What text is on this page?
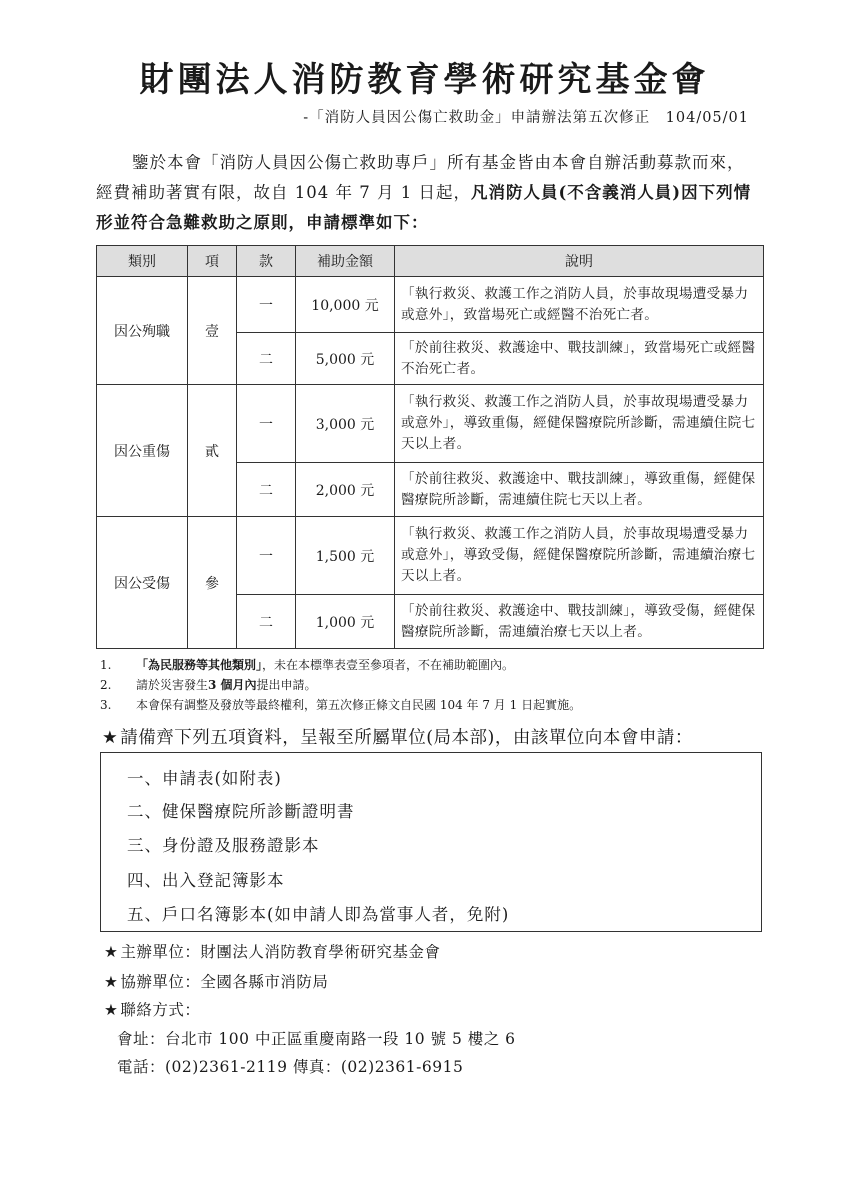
財團法人消防教育學術研究基金會
-「消防人員因公傷亡救助金」申請辦法第五次修正　104/05/01
鑒於本會「消防人員因公傷亡救助專戶」所有基金皆由本會自辦活動募款而來，經費補助著實有限，故自 104 年 7 月 1 日起，凡消防人員(不含義消人員)因下列情形並符合急難救助之原則，申請標準如下：
類別	項	款	補助金額	說明
因公殉職	壹	一	10,000 元	「執行救災、救護工作之消防人員，於事故現場遭受暴力或意外」，致當場死亡或經醫不治死亡者。
		二	5,000 元	「於前往救災、救護途中、戰技訓練」，致當場死亡或經醫不治死亡者。
因公重傷	貳	一	3,000 元	「執行救災、救護工作之消防人員，於事故現場遭受暴力或意外」，導致重傷，經健保醫療院所診斷，需連續住院七天以上者。
		二	2,000 元	「於前往救災、救護途中、戰技訓練」，導致重傷，經健保醫療院所診斷，需連續住院七天以上者。
因公受傷	參	一	1,500 元	「執行救災、救護工作之消防人員，於事故現場遭受暴力或意外」，導致受傷，經健保醫療院所診斷，需連續治療七天以上者。
		二	1,000 元	「於前往救災、救護途中、戰技訓練」，導致受傷，經健保醫療院所診斷，需連續治療七天以上者。
1. 「為民服務等其他類別」，未在本標準表壹至參項者，不在補助範圍內。
2. 請於災害發生3 個月內提出申請。
3. 本會保有調整及發放等最終權利，第五次修正條文自民國 104 年 7 月 1 日起實施。
★ 請備齊下列五項資料，呈報至所屬單位(局本部)，由該單位向本會申請：
一、申請表(如附表)
二、健保醫療院所診斷證明書
三、身份證及服務證影本
四、出入登記簿影本
五、戶口名簿影本(如申請人即為當事人者，免附)
★ 主辦單位：財團法人消防教育學術研究基金會
★ 協辦單位：全國各縣市消防局
★ 聯絡方式：
會址：台北市 100 中正區重慶南路一段 10 號 5 樓之 6
電話：(02)2361-2119 傳真：(02)2361-6915
